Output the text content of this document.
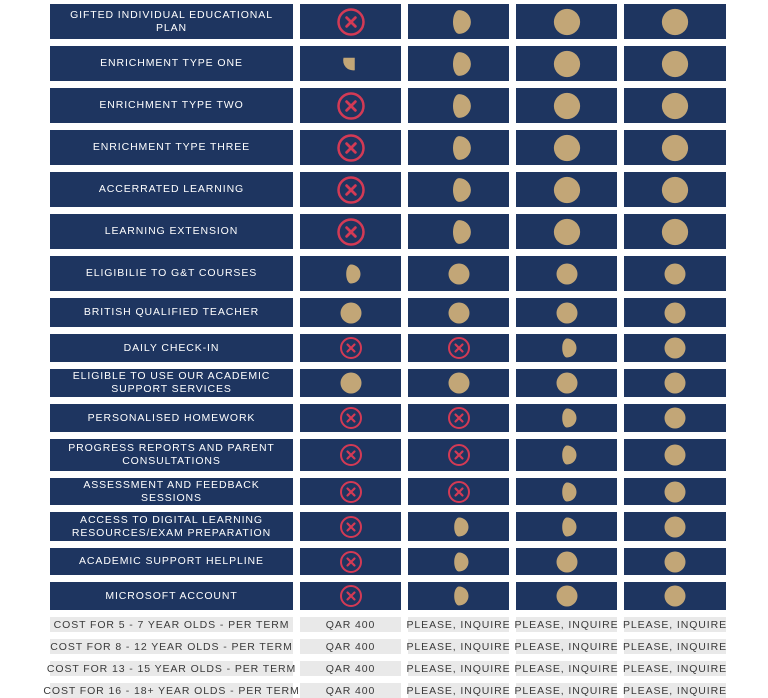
GIFTED INDIVIDUAL EDUCATIONAL PLAN
ENRICHMENT TYPE ONE
ENRICHMENT TYPE TWO
ENRICHMENT TYPE THREE
ACCERRATED LEARNING
LEARNING EXTENSION
ELIGIBILIE TO G&T COURSES
BRITISH QUALIFIED TEACHER
DAILY CHECK-IN
ELIGIBLE TO USE OUR ACADEMIC SUPPORT SERVICES
PERSONALISED HOMEWORK
PROGRESS REPORTS AND PARENT CONSULTATIONS
ASSESSMENT AND FEEDBACK SESSIONS
ACCESS TO DIGITAL LEARNING RESOURCES/EXAM PREPARATION
ACADEMIC SUPPORT HELPLINE
MICROSOFT ACCOUNT
COST FOR 5 - 7 YEAR OLDS - PER TERM	QAR 400	PLEASE, INQUIRE PLEASE, INQUIRE PLEASE, INQUIRE
COST FOR 8 - 12 YEAR OLDS - PER TERM	QAR 400	PLEASE, INQUIRE PLEASE, INQUIRE PLEASE, INQUIRE
COST FOR 13 - 15 YEAR OLDS - PER TERM	QAR 400	PLEASE, INQUIRE PLEASE, INQUIRE PLEASE, INQUIRE
COST FOR 16 - 18+ YEAR OLDS - PER TERM QAR 400	PLEASE, INQUIRE PLEASE, INQUIRE PLEASE, INQUIRE
